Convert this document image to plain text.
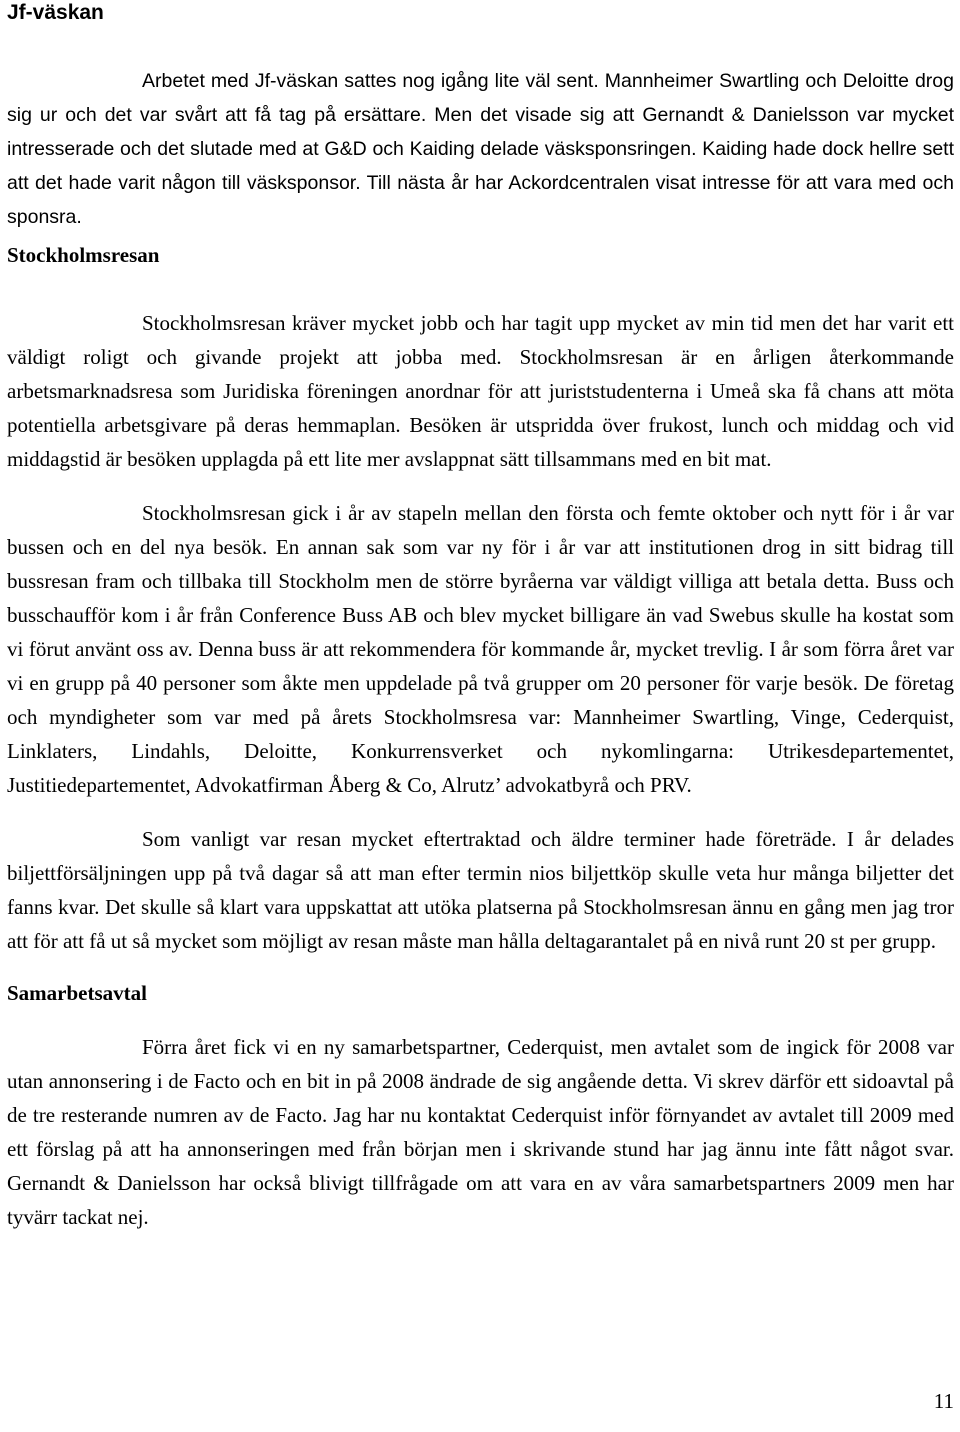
Jf-väskan

Arbetet med Jf-väskan sattes nog igång lite väl sent. Mannheimer Swartling och Deloitte drog sig ur och det var svårt att få tag på ersättare. Men det visade sig att Gernandt & Danielsson var mycket intresserade och det slutade med at G&D och Kaiding delade väsksponsringen. Kaiding hade dock hellre sett att det hade varit någon till väsksponsor. Till nästa år har Ackordcentralen visat intresse för att vara med och sponsra.

Stockholmsresan

Stockholmsresan kräver mycket jobb och har tagit upp mycket av min tid men det har varit ett väldigt roligt och givande projekt att jobba med. Stockholmsresan är en årligen återkommande arbetsmarknadsresa som Juridiska föreningen anordnar för att juriststudenterna i Umeå ska få chans att möta potentiella arbetsgivare på deras hemmaplan. Besöken är utspridda över frukost, lunch och middag och vid middagstid är besöken upplagda på ett lite mer avslappnat sätt tillsammans med en bit mat.

Stockholmsresan gick i år av stapeln mellan den första och femte oktober och nytt för i år var bussen och en del nya besök. En annan sak som var ny för i år var att institutionen drog in sitt bidrag till bussresan fram och tillbaka till Stockholm men de större byråerna var väldigt villiga att betala detta. Buss och busschaufför kom i år från Conference Buss AB och blev mycket billigare än vad Swebus skulle ha kostat som vi förut använt oss av. Denna buss är att rekommendera för kommande år, mycket trevlig. I år som förra året var vi en grupp på 40 personer som åkte men uppdelade på två grupper om 20 personer för varje besök. De företag och myndigheter som var med på årets Stockholmsresa var: Mannheimer Swartling, Vinge, Cederquist, Linklaters, Lindahls, Deloitte, Konkurrensverket och nykomlingarna: Utrikesdepartementet, Justitiedepartementet, Advokatfirman Åberg & Co, Alrutz’ advokatbyrå och PRV.

Som vanligt var resan mycket eftertraktad och äldre terminer hade företräde. I år delades biljettförsäljningen upp på två dagar så att man efter termin nios biljettköp skulle veta hur många biljetter det fanns kvar. Det skulle så klart vara uppskattat att utöka platserna på Stockholmsresan ännu en gång men jag tror att för att få ut så mycket som möjligt av resan måste man hålla deltagarantalet på en nivå runt 20 st per grupp.

Samarbetsavtal

Förra året fick vi en ny samarbetspartner, Cederquist, men avtalet som de ingick för 2008 var utan annonsering i de Facto och en bit in på 2008 ändrade de sig angående detta. Vi skrev därför ett sidoavtal på de tre resterande numren av de Facto. Jag har nu kontaktat Cederquist inför förnyandet av avtalet till 2009 med ett förslag på att ha annonseringen med från början men i skrivande stund har jag ännu inte fått något svar. Gernandt & Danielsson har också blivigt tillfrågade om att vara en av våra samarbetspartners 2009 men har tyvärr tackat nej.

11
